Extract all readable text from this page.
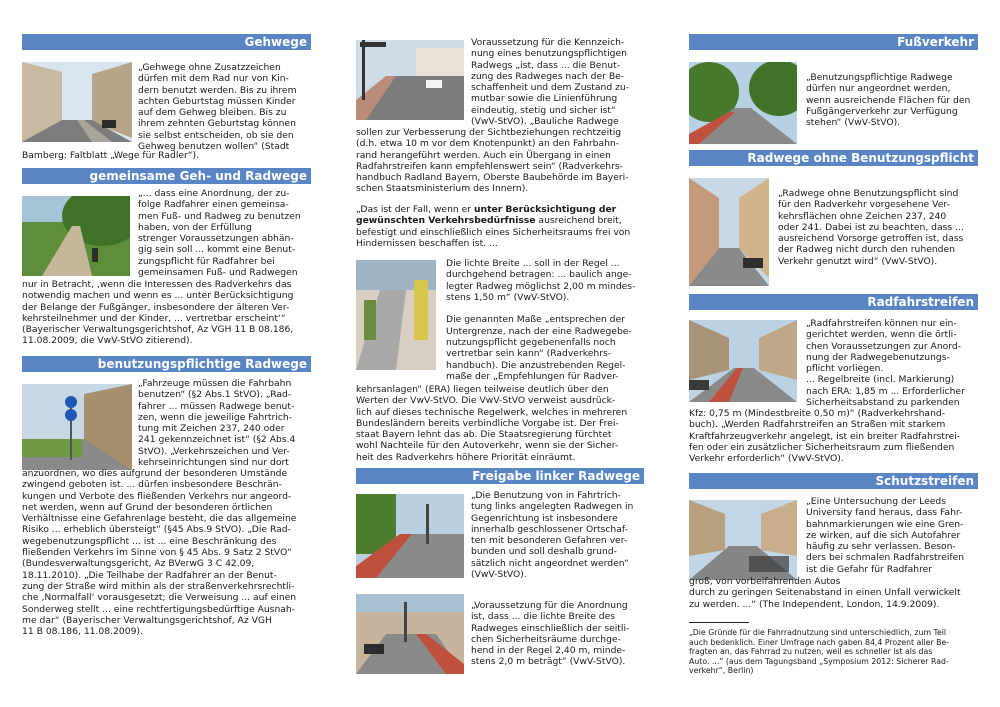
Gehwege
„Gehwege ohne Zusatzzeichen
dürfen mit dem Rad nur von Kin-
dern benutzt werden. Bis zu ihrem
achten Geburtstag müssen Kinder
auf dem Gehweg bleiben. Bis zu
ihrem zehnten Geburtstag können
sie selbst entscheiden, ob sie den
Gehweg benutzen wollen“ (Stadt
Bamberg: Faltblatt „Wege für Radler“).
gemeinsame Geh- und Radwege
„... dass eine Anordnung, der zu-
folge Radfahrer einen gemeinsa-
men Fuß- und Radweg zu benutzen
haben, von der Erfüllung
strenger Voraussetzungen abhän-
gig sein soll ... kommt eine Benut-
zungspflicht für Radfahrer bei
gemeinsamen Fuß- und Radwegen
nur in Betracht, ‚wenn die Interessen des Radverkehrs das
notwendig machen und wenn es ... unter Berücksichtigung
der Belange der Fußgänger, insbesondere der älteren Ver-
kehrsteilnehmer und der Kinder, ... vertretbar erscheint‘“
(Bayerischer Verwaltungsgerichtshof, Az VGH 11 B 08.186,
11.08.2009, die VwV-StVO zitierend).
benutzungspflichtige Radwege
„Fahrzeuge müssen die Fahrbahn
benutzen“ (§2 Abs.1 StVO). „Rad-
fahrer ... müssen Radwege benut-
zen, wenn die jeweilige Fahrtrich-
tung mit Zeichen 237, 240 oder
241 gekennzeichnet ist“ (§2 Abs.4
StVO). „Verkehrszeichen und Ver-
kehrseinrichtungen sind nur dort
anzuordnen, wo dies aufgrund der besonderen Umstände
zwingend geboten ist. ... dürfen insbesondere Beschrän-
kungen und Verbote des fließenden Verkehrs nur angeord-
net werden, wenn auf Grund der besonderen örtlichen
Verhältnisse eine Gefahrenlage besteht, die das allgemeine
Risiko ... erheblich übersteigt“ (§45 Abs.9 StVO). „Die Rad-
wegebenutzungspflicht ... ist ... eine Beschränkung des
fließenden Verkehrs im Sinne von § 45 Abs. 9 Satz 2 StVO“
(Bundesverwaltungsgericht, Az BVerwG 3 C 42.09,
18.11.2010). „Die Teilhabe der Radfahrer an der Benut-
zung der Straße wird mithin als der straßenverkehrsrechtli-
che ‚Normalfall‘ vorausgesetzt; die Verweisung ... auf einen
Sonderweg stellt ... eine rechtfertigungsbedürftige Ausnah-
me dar“ (Bayerischer Verwaltungsgerichtshof, Az VGH
11 B 08.186, 11.08.2009).
Voraussetzung für die Kennzeich-
nung eines benutzungspflichtigen
Radwegs „ist, dass ... die Benut-
zung des Radweges nach der Be-
schaffenheit und dem Zustand zu-
mutbar sowie die Linienführung
eindeutig, stetig und sicher ist“
(VwV-StVO). „Bauliche Radwege
sollen zur Verbesserung der Sichtbeziehungen rechtzeitig
(d.h. etwa 10 m vor dem Knotenpunkt) an den Fahrbahn-
rand herangeführt werden. Auch ein Übergang in einen
Radfahrstreifen kann empfehlenswert sein“ (Radverkehrs-
handbuch Radland Bayern, Oberste Baubehörde im Bayeri-
schen Staatsministerium des Innern).
„Das ist der Fall, wenn er unter Berücksichtigung der
gewünschten Verkehrsbedürfnisse ausreichend breit,
befestigt und einschließlich eines Sicherheitsraums frei von
Hindernissen beschaffen ist. ...
Die lichte Breite ... soll in der Regel ...
durchgehend betragen: ... baulich ange-
legter Radweg möglichst 2,00 m mindes-
stens 1,50 m“ (VwV-StVO).

Die genannten Maße „entsprechen der
Untergrenze, nach der eine Radwegebe-
nutzungspflicht gegebenenfalls noch
vertretbar sein kann“ (Radverkehrs-
handbuch). Die anzustrebenden Regel-
maße der „Empfehlungen für Radver-
kehrsanlagen“ (ERA) liegen teilweise deutlich über den
Werten der VwV-StVO. Die VwV-StVO verweist ausdrück-
lich auf dieses technische Regelwerk, welches in mehreren
Bundesländern bereits verbindliche Vorgabe ist. Der Frei-
staat Bayern lehnt das ab. Die Staatsregierung fürchtet
wohl Nachteile für den Autoverkehr, wenn sie der Sicher-
heit des Radverkehrs höhere Priorität einräumt.
Freigabe linker Radwege
„Die Benutzung von in Fahrtrich-
tung links angelegten Radwegen in
Gegenrichtung ist insbesondere
innerhalb geschlossener Ortschaf-
ten mit besonderen Gefahren ver-
bunden und soll deshalb grund-
sätzlich nicht angeordnet werden“
(VwV-StVO).
„Voraussetzung für die Anordnung
ist, dass ... die lichte Breite des
Radweges einschließlich der seitli-
chen Sicherheitsräume durchge-
hend in der Regel 2,40 m, minde-
stens 2,0 m beträgt“ (VwV-StVO).
Fußverkehr
„Benutzungspflichtige Radwege
dürfen nur angeordnet werden,
wenn ausreichende Flächen für den
Fußgängerverkehr zur Verfügung
stehen“ (VwV-StVO).
Radwege ohne Benutzungspflicht
„Radwege ohne Benutzungspflicht sind
für den Radverkehr vorgesehene Ver-
kehrsflächen ohne Zeichen 237, 240
oder 241. Dabei ist zu beachten, dass ...
ausreichend Vorsorge getroffen ist, dass
der Radweg nicht durch den ruhenden
Verkehr genutzt wird“ (VwV-StVO).
Radfahrstreifen
„Radfahrstreifen können nur ein-
gerichtet werden, wenn die örtli-
chen Voraussetzungen zur Anord-
nung der Radwegebenutzungs-
pflicht vorliegen.
... Regelbreite (incl. Markierung)
nach ERA: 1,85 m ... Erforderlicher
Sicherheitsabstand zu parkenden
Kfz: 0,75 m (Mindestbreite 0,50 m)“ (Radverkehrshand-
buch). „Werden Radfahrstreifen an Straßen mit starkem
Kraftfahrzeugverkehr angelegt, ist ein breiter Radfahrstrei-
fen oder ein zusätzlicher Sicherheitsraum zum fließenden
Verkehr erforderlich“ (VwV-StVO).
Schutzstreifen
„Eine Untersuchung der Leeds
University fand heraus, dass Fahr-
bahnmarkierungen wie eine Gren-
ze wirken, auf die sich Autofahrer
häufig zu sehr verlassen. Beson-
ders bei schmalen Radfahrstreifen
ist die Gefahr für Radfahrer
groß, von vorbeifahrenden Autos
durch zu geringen Seitenabstand in einen Unfall verwickelt
zu werden. ...“ (The Independent, London, 14.9.2009).
„Die Gründe für die Fahrradnutzung sind unterschiedlich, zum Teil
auch bedenklich. Einer Umfrage nach gaben 84,4 Prozent aller Be-
fragten an, das Fahrrad zu nutzen, weil es schneller ist als das
Auto. ...“ (aus dem Tagungsband „Symposium 2012: Sicherer Rad-
verkehr“, Berlin)
